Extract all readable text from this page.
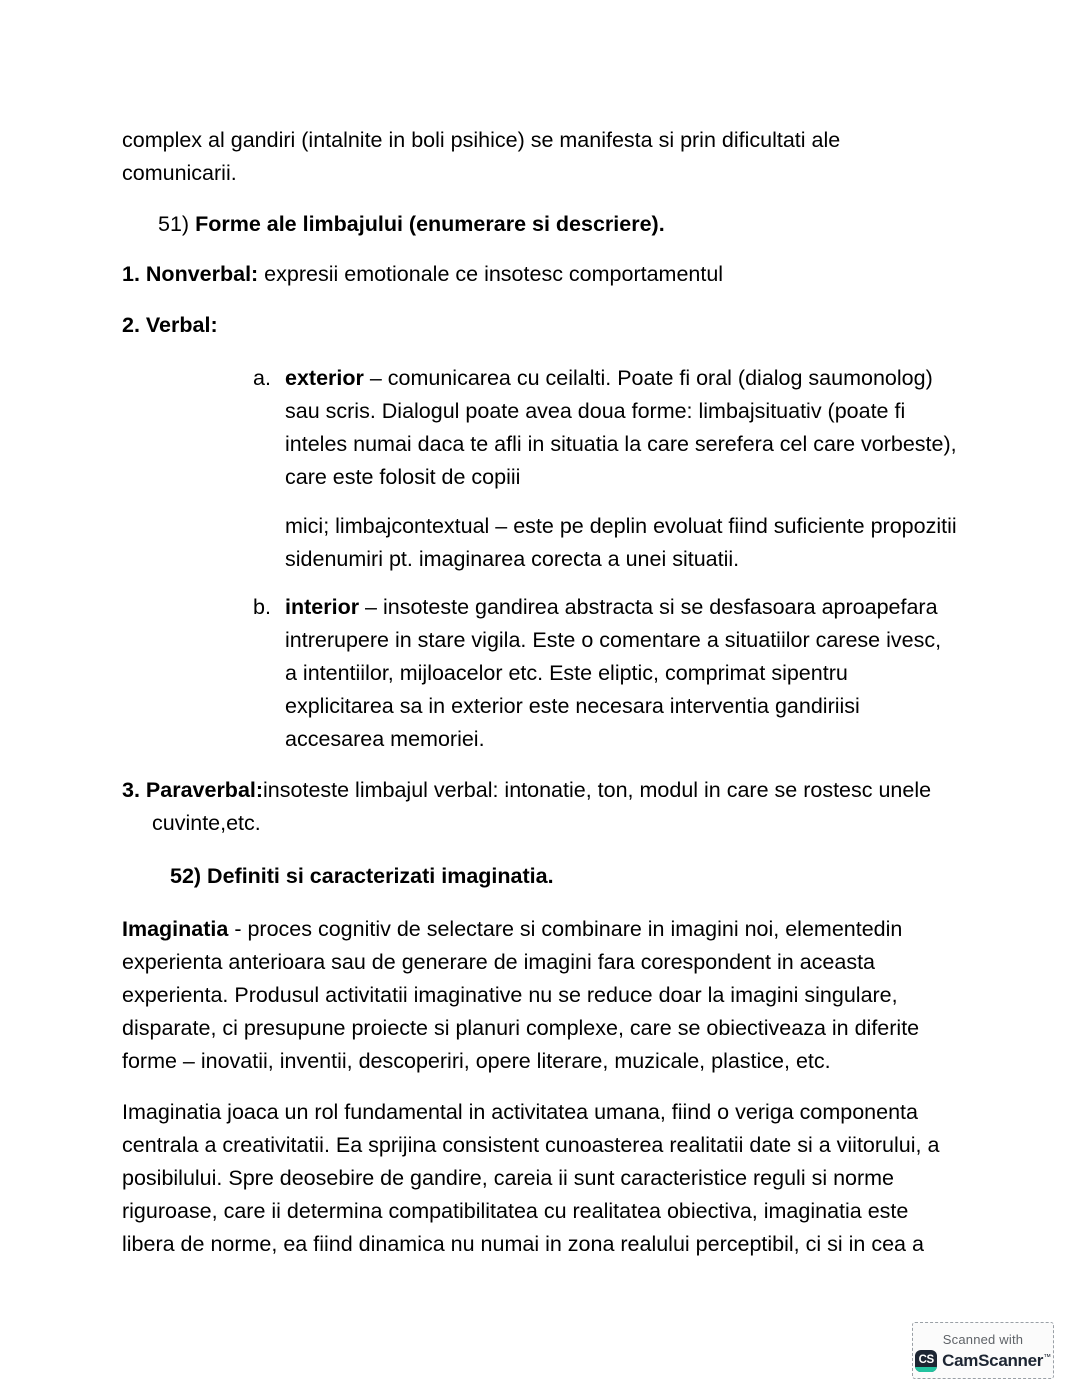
complex al gandiri (intalnite in boli psihice) se manifesta si prin dificultati ale comunicarii.

51) Forme ale limbajului (enumerare si descriere).

1. Nonverbal: expresii emotionale ce insotesc comportamentul

2. Verbal:

a. exterior – comunicarea cu ceilalti. Poate fi oral (dialog saumonolog) sau scris. Dialogul poate avea doua forme: limbajsituativ (poate fi inteles numai daca te afli in situatia la care serefera cel care vorbeste), care este folosit de copiii
mici; limbajcontextual – este pe deplin evoluat fiind suficiente propozitii sidenumiri pt. imaginarea corecta a unei situatii.
b. interior – insoteste gandirea abstracta si se desfasoara aproapefara intrerupere in stare vigila. Este o comentare a situatiilor carese ivesc, a intentiilor, mijloacelor etc. Este eliptic, comprimat sipentru explicitarea sa in exterior este necesara interventia gandiriisi accesarea memoriei.

3. Paraverbal:insoteste limbajul verbal: intonatie, ton, modul in care se rostesc unele cuvinte,etc.

52) Definiti si caracterizati imaginatia.

Imaginatia - proces cognitiv de selectare si combinare in imagini noi, elementedin experienta anterioara sau de generare de imagini fara corespondent in aceasta experienta. Produsul activitatii imaginative nu se reduce doar la imagini singulare, disparate, ci presupune proiecte si planuri complexe, care se obiectiveaza in diferite forme – inovatii, inventii, descoperiri, opere literare, muzicale, plastice, etc.

Imaginatia joaca un rol fundamental in activitatea umana, fiind o veriga componenta centrala a creativitatii. Ea sprijina consistent cunoasterea realitatii date si a viitorului, a posibilului. Spre deosebire de gandire, careia ii sunt caracteristice reguli si norme riguroase, care ii determina compatibilitatea cu realitatea obiectiva, imaginatia este libera de norme, ea fiind dinamica nu numai in zona realului perceptibil, ci si in cea a

Scanned with
CS CamScanner™
